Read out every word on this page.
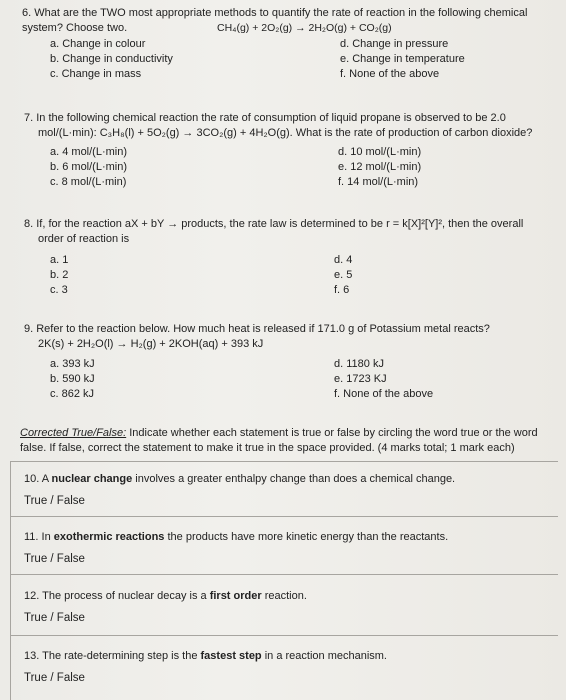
6. What are the TWO most appropriate methods to quantify the rate of reaction in the following chemical system? Choose two.	CH₄(g) + 2O₂(g) → 2H₂O(g) + CO₂(g)
a. Change in colour
b. Change in conductivity
c. Change in mass
d. Change in pressure
e. Change in temperature
f. None of the above
7. In the following chemical reaction the rate of consumption of liquid propane is observed to be 2.0
mol/(L·min): C₃H₈(l) + 5O₂(g) → 3CO₂(g) + 4H₂O(g). What is the rate of production of carbon dioxide?
a. 4 mol/(L·min)
b. 6 mol/(L·min)
c. 8 mol/(L·min)
d. 10 mol/(L·min)
e. 12 mol/(L·min)
f. 14 mol/(L·min)
8. If, for the reaction aX + bY → products, the rate law is determined to be r = k[X]²[Y]², then the overall
order of reaction is
a. 1
b. 2
c. 3
d. 4
e. 5
f. 6
9. Refer to the reaction below. How much heat is released if 171.0 g of Potassium metal reacts?
2K(s) + 2H₂O(l) → H₂(g) + 2KOH(aq) + 393 kJ
a. 393 kJ
b. 590 kJ
c. 862 kJ
d. 1180 kJ
e. 1723 KJ
f. None of the above
Corrected True/False: Indicate whether each statement is true or false by circling the word true or the word
false. If false, correct the statement to make it true in the space provided. (4 marks total; 1 mark each)
10. A nuclear change involves a greater enthalpy change than does a chemical change.
True / False
11. In exothermic reactions the products have more kinetic energy than the reactants.
True / False
12. The process of nuclear decay is a first order reaction.
True / False
13. The rate-determining step is the fastest step in a reaction mechanism.
True / False
